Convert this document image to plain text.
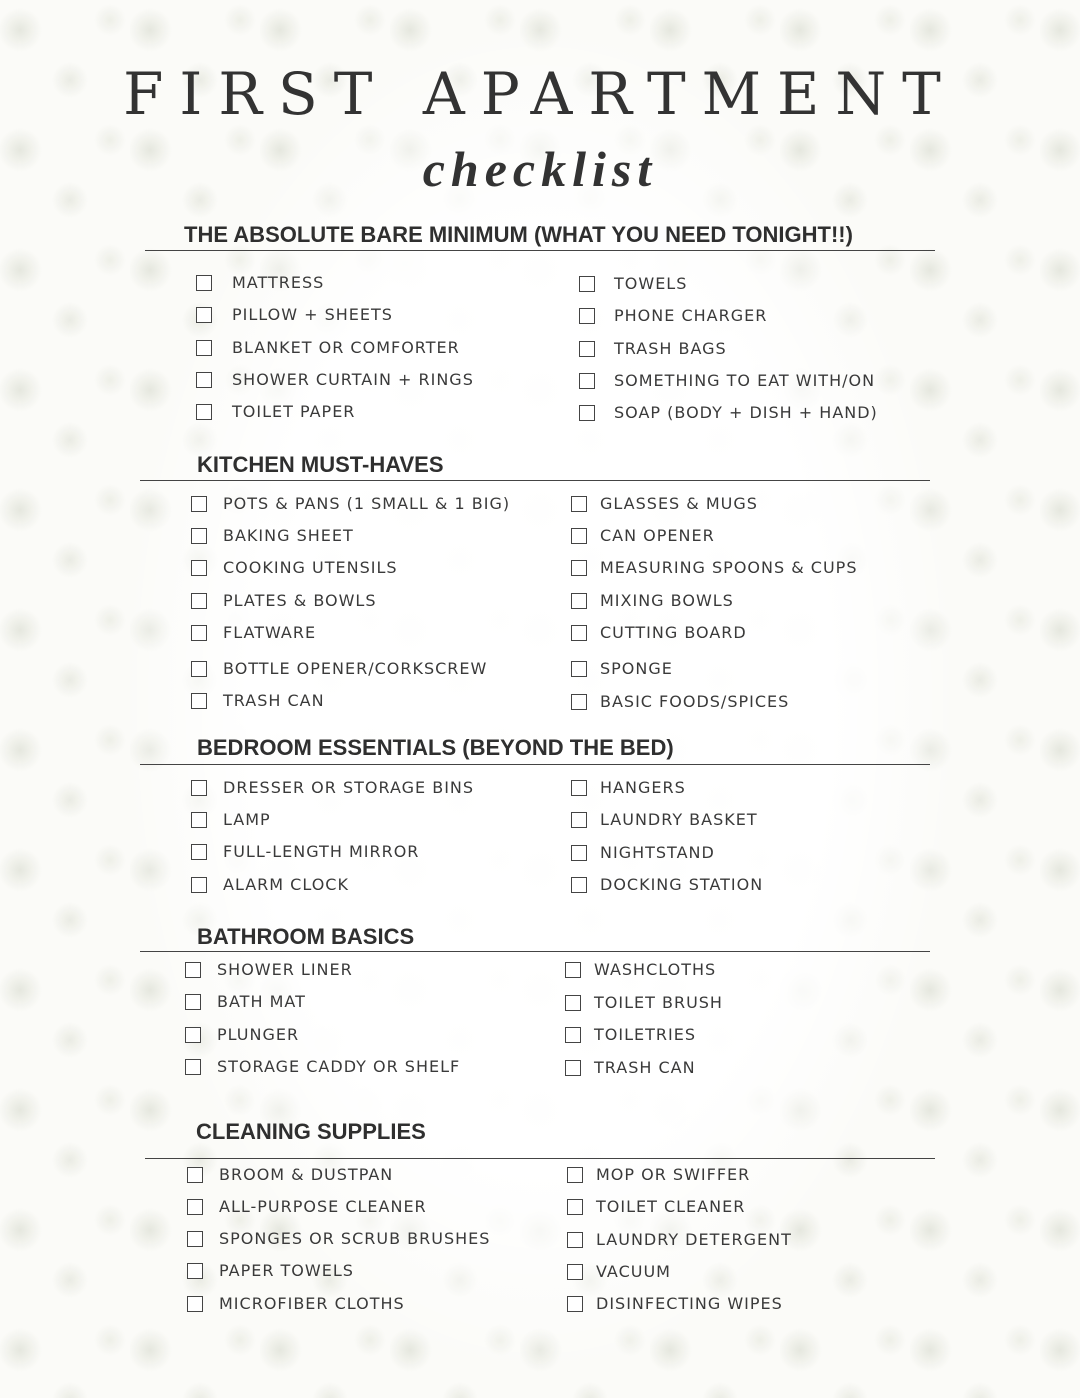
FIRST APARTMENT
checklist
THE ABSOLUTE BARE MINIMUM (WHAT YOU NEED TONIGHT!!)
MATTRESS
PILLOW + SHEETS
BLANKET OR COMFORTER
SHOWER CURTAIN + RINGS
TOILET PAPER
TOWELS
PHONE CHARGER
TRASH BAGS
SOMETHING TO EAT WITH/ON
SOAP (BODY + DISH + HAND)
KITCHEN MUST-HAVES
POTS & PANS (1 SMALL & 1 BIG)
BAKING SHEET
COOKING UTENSILS
PLATES & BOWLS
FLATWARE
BOTTLE OPENER/CORKSCREW
TRASH CAN
GLASSES & MUGS
CAN OPENER
MEASURING SPOONS & CUPS
MIXING BOWLS
CUTTING BOARD
SPONGE
BASIC FOODS/SPICES
BEDROOM ESSENTIALS (BEYOND THE BED)
DRESSER OR STORAGE BINS
LAMP
FULL-LENGTH MIRROR
ALARM CLOCK
HANGERS
LAUNDRY BASKET
NIGHTSTAND
DOCKING STATION
BATHROOM BASICS
SHOWER LINER
BATH MAT
PLUNGER
STORAGE CADDY OR SHELF
WASHCLOTHS
TOILET BRUSH
TOILETRIES
TRASH CAN
CLEANING SUPPLIES
BROOM & DUSTPAN
ALL-PURPOSE CLEANER
SPONGES OR SCRUB BRUSHES
PAPER TOWELS
MICROFIBER CLOTHS
MOP OR SWIFFER
TOILET CLEANER
LAUNDRY DETERGENT
VACUUM
DISINFECTING WIPES
